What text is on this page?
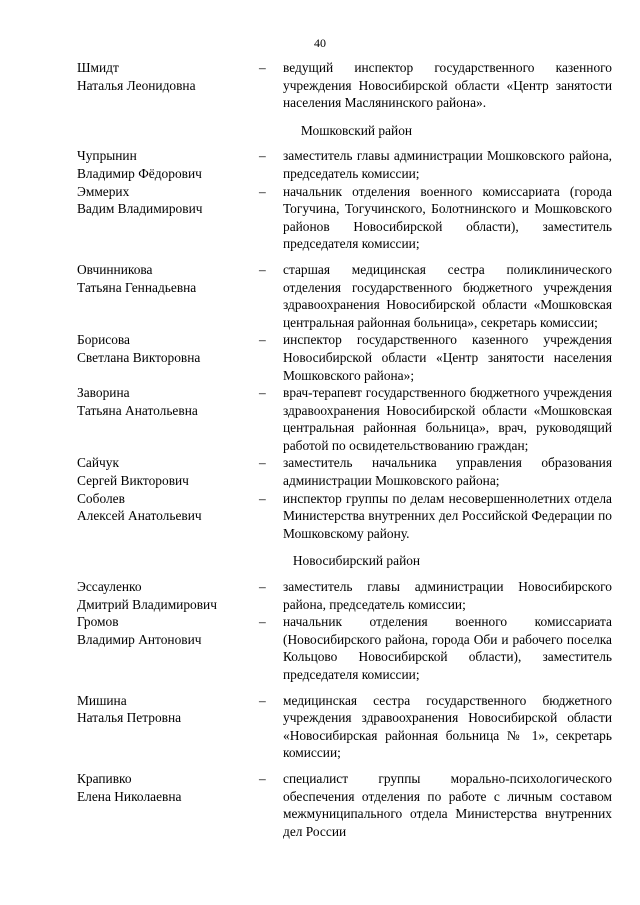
40
Шмидт
Наталья Леонидовна
–	ведущий инспектор государственного казенного учреждения Новосибирской области «Центр занятости населения Маслянинского района».
Мошковский район
Чупрынин
Владимир Фёдорович
–	заместитель главы администрации Мошковского района, председатель комиссии;
Эммерих
Вадим Владимирович
–	начальник отделения военного комиссариата (города Тогучина, Тогучинского, Болотнинского и Мошковского районов Новосибирской области), заместитель председателя комиссии;
Овчинникова
Татьяна Геннадьевна
–	старшая медицинская сестра поликлинического отделения государственного бюджетного учреждения здравоохранения Новосибирской области «Мошковская центральная районная больница», секретарь комиссии;
Борисова
Светлана Викторовна
–	инспектор государственного казенного учреждения Новосибирской области «Центр занятости населения Мошковского района»;
Заворина
Татьяна Анатольевна
–	врач-терапевт государственного бюджетного учреждения здравоохранения Новосибирской области «Мошковская центральная районная больница», врач, руководящий работой по освидетельствованию граждан;
Сайчук
Сергей Викторович
–	заместитель начальника управления образования администрации Мошковского района;
Соболев
Алексей Анатольевич
–	инспектор группы по делам несовершеннолетних отдела Министерства внутренних дел Российской Федерации по Мошковскому району.
Новосибирский район
Эссауленко
Дмитрий Владимирович
–	заместитель главы администрации Новосибирского района, председатель комиссии;
Громов
Владимир Антонович
–	начальник отделения военного комиссариата (Новосибирского района, города Оби и рабочего поселка Кольцово Новосибирской области), заместитель председателя комиссии;
Мишина
Наталья Петровна
–	медицинская сестра государственного бюджетного учреждения здравоохранения Новосибирской области «Новосибирская районная больница № 1», секретарь комиссии;
Крапивко
Елена Николаевна
–	специалист группы морально-психологического обеспечения отделения по работе с личным составом межмуниципального отдела Министерства внутренних дел России
